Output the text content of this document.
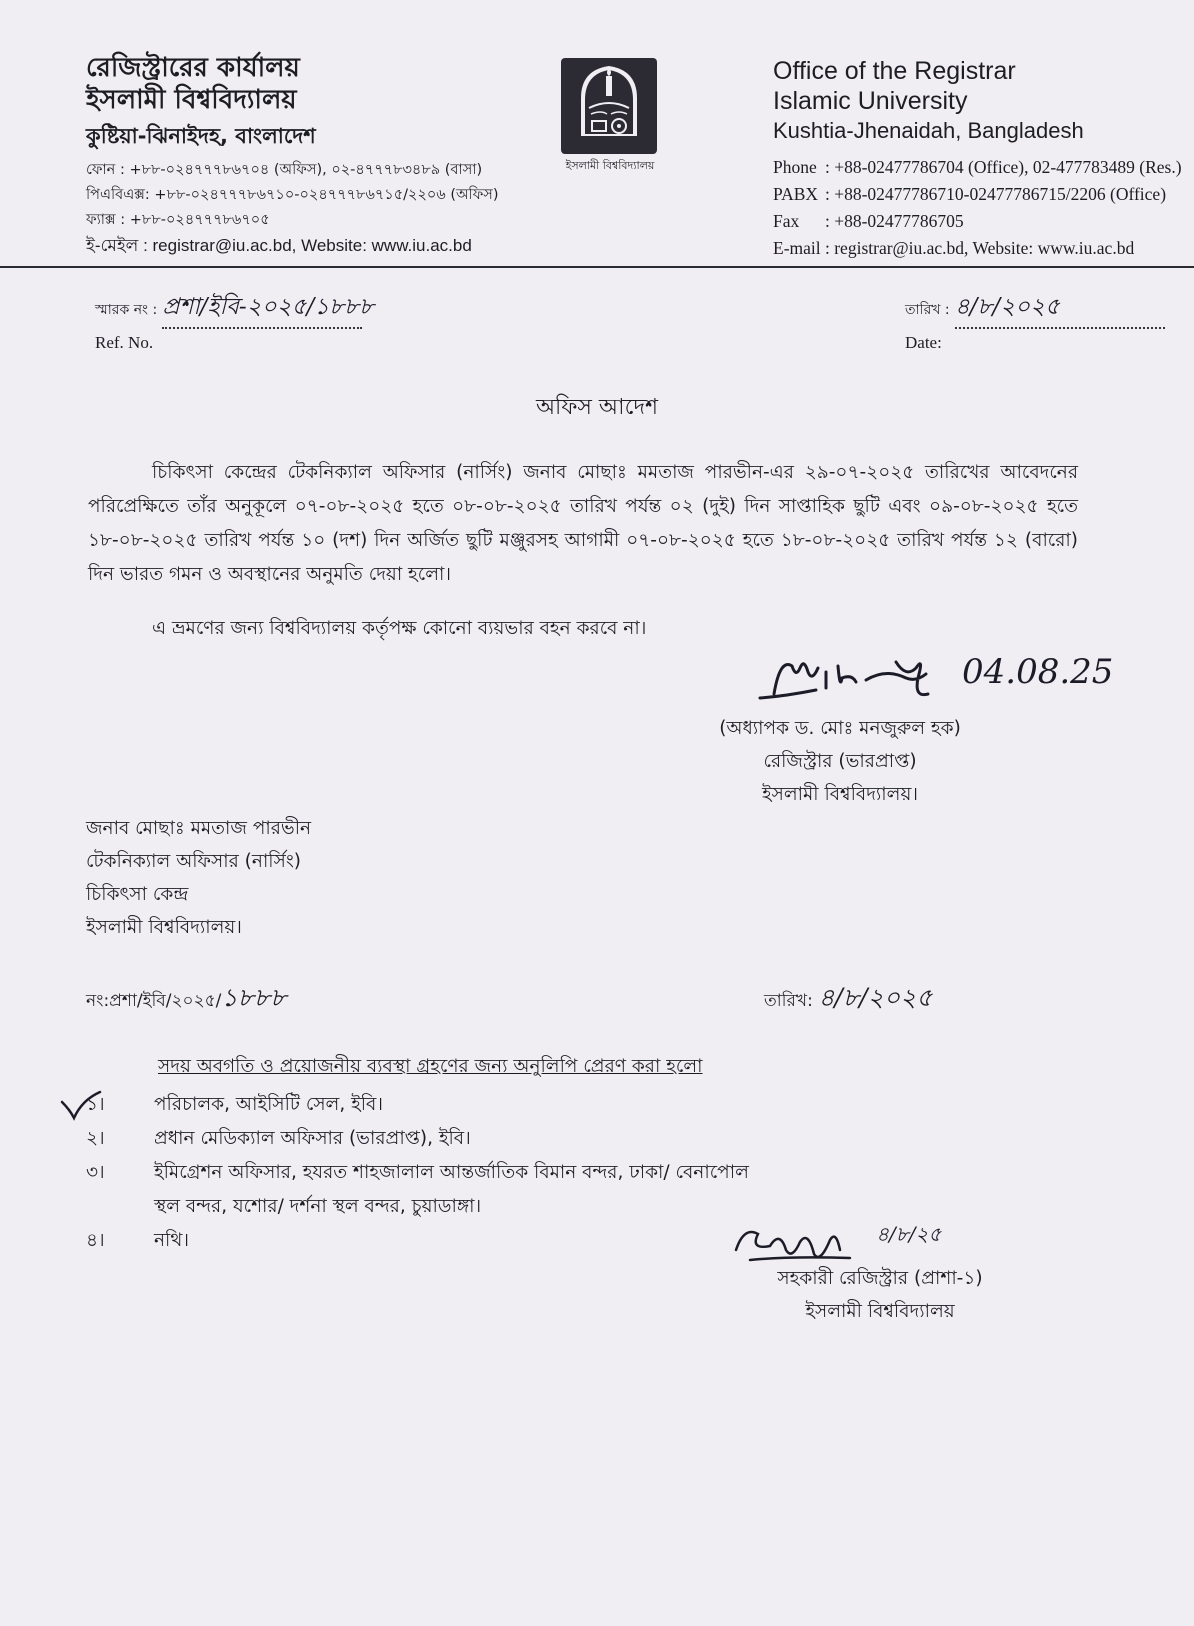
রেজিস্ট্রারের কার্যালয়
ইসলামী বিশ্ববিদ্যালয়
কুষ্টিয়া-ঝিনাইদহ, বাংলাদেশ
ফোন : +৮৮-০২৪৭৭৭৮৬৭০৪ (অফিস), ০২-৪৭৭৭৮৩৪৮৯ (বাসা)
পিএবিএক্স: +৮৮-০২৪৭৭৭৮৬৭১০-০২৪৭৭৭৮৬৭১৫/২২০৬ (অফিস)
ফ্যাক্স : +৮৮-০২৪৭৭৭৮৬৭০৫
ই-মেইল : registrar@iu.ac.bd, Website: www.iu.ac.bd
ইসলামী বিশ্ববিদ্যালয়
Office of the Registrar
Islamic University
Kushtia-Jhenaidah, Bangladesh
Phone : +88-02477786704 (Office), 02-477783489 (Res.)
PABX : +88-02477786710-02477786715/2206 (Office)
Fax : +88-02477786705
E-mail : registrar@iu.ac.bd, Website: www.iu.ac.bd
স্মারক নং : প্রশা/ইবি-২০২৫/১৮৮৮
Ref. No.
তারিখ : ৪/৮/২০২৫
Date:
অফিস আদেশ
চিকিৎসা কেন্দ্রের টেকনিক্যাল অফিসার (নার্সিং) জনাব মোছাঃ মমতাজ পারভীন-এর ২৯-০৭-২০২৫ তারিখের আবেদনের পরিপ্রেক্ষিতে তাঁর অনুকূলে ০৭-০৮-২০২৫ হতে ০৮-০৮-২০২৫ তারিখ পর্যন্ত ০২ (দুই) দিন সাপ্তাহিক ছুটি এবং ০৯-০৮-২০২৫ হতে ১৮-০৮-২০২৫ তারিখ পর্যন্ত ১০ (দশ) দিন অর্জিত ছুটি মঞ্জুরসহ আগামী ০৭-০৮-২০২৫ হতে ১৮-০৮-২০২৫ তারিখ পর্যন্ত ১২ (বারো) দিন ভারত গমন ও অবস্থানের অনুমতি দেয়া হলো।
এ ভ্রমণের জন্য বিশ্ববিদ্যালয় কর্তৃপক্ষ কোনো ব্যয়ভার বহন করবে না।
04.08.25
(অধ্যাপক ড. মোঃ মনজুরুল হক)
রেজিস্ট্রার (ভারপ্রাপ্ত)
ইসলামী বিশ্ববিদ্যালয়।
জনাব মোছাঃ মমতাজ পারভীন
টেকনিক্যাল অফিসার (নার্সিং)
চিকিৎসা কেন্দ্র
ইসলামী বিশ্ববিদ্যালয়।
নং:প্রশা/ইবি/২০২৫/১৮৮৮	তারিখ: ৪/৮/২০২৫
সদয় অবগতি ও প্রয়োজনীয় ব্যবস্থা গ্রহণের জন্য অনুলিপি প্রেরণ করা হলো
১।	পরিচালক, আইসিটি সেল, ইবি।
২।	প্রধান মেডিক্যাল অফিসার (ভারপ্রাপ্ত), ইবি।
৩।	ইমিগ্রেশন অফিসার, হযরত শাহজালাল আন্তর্জাতিক বিমান বন্দর, ঢাকা/ বেনাপোল স্থল বন্দর, যশোর/ দর্শনা স্থল বন্দর, চুয়াডাঙ্গা।
৪।	নথি।	৪/৮/২৫
সহকারী রেজিস্ট্রার (প্রাশা-১)
ইসলামী বিশ্ববিদ্যালয়
